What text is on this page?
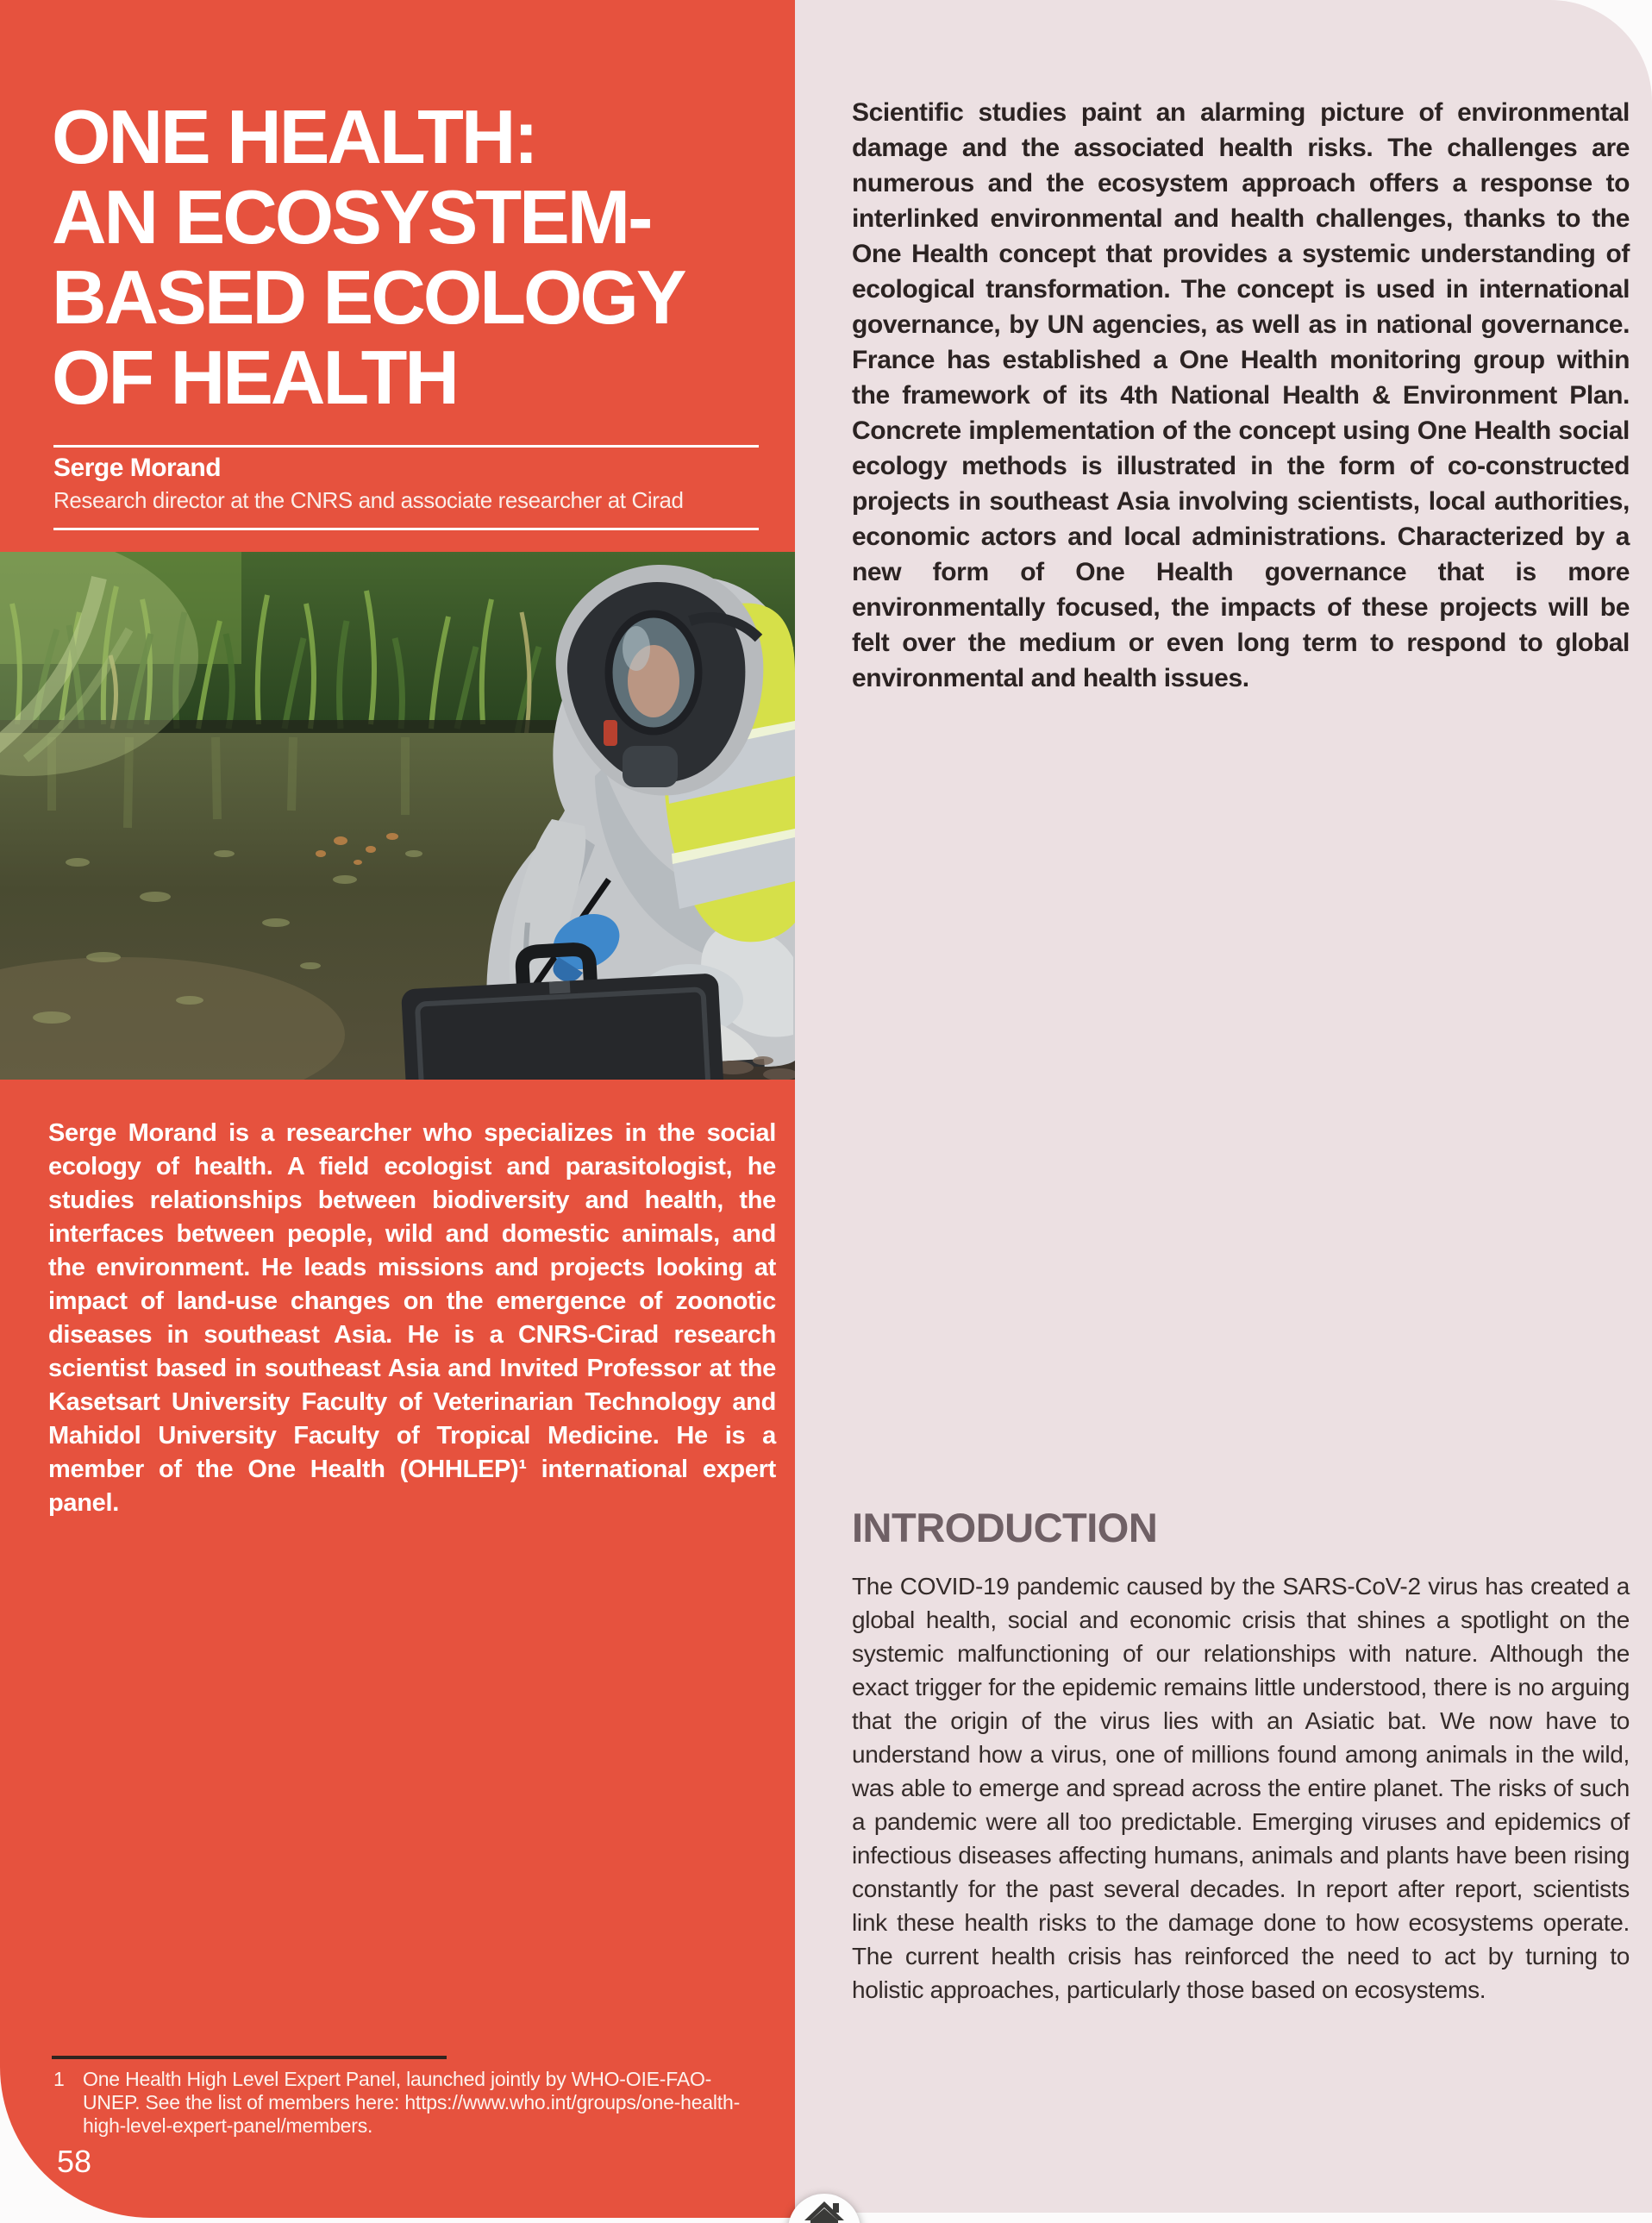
ONE HEALTH:
AN ECOSYSTEM-
BASED ECOLOGY
OF HEALTH
Serge Morand
Research director at the CNRS and associate researcher at Cirad

Serge Morand is a researcher who specializes in the social ecology of health. A field ecologist and parasitologist, he studies relationships between biodiversity and health, the interfaces between people, wild and domestic animals, and the environment. He leads missions and projects looking at impact of land-use changes on the emergence of zoonotic diseases in southeast Asia. He is a CNRS-Cirad research scientist based in southeast Asia and Invited Professor at the Kasetsart University Faculty of Veterinarian Technology and Mahidol University Faculty of Tropical Medicine. He is a member of the One Health (OHHLEP)¹ international expert panel.

1 One Health High Level Expert Panel, launched jointly by WHO-OIE-FAO-UNEP. See the list of members here: https://www.who.int/groups/one-health-high-level-expert-panel/members.
58

Scientific studies paint an alarming picture of environmental damage and the associated health risks. The challenges are numerous and the ecosystem approach offers a response to interlinked environmental and health challenges, thanks to the One Health concept that provides a systemic understanding of ecological transformation. The concept is used in international governance, by UN agencies, as well as in national governance. France has established a One Health monitoring group within the framework of its 4th National Health & Environment Plan. Concrete implementation of the concept using One Health social ecology methods is illustrated in the form of co-constructed projects in southeast Asia involving scientists, local authorities, economic actors and local administrations. Characterized by a new form of One Health governance that is more environmentally focused, the impacts of these projects will be felt over the medium or even long term to respond to global environmental and health issues.

INTRODUCTION

The COVID-19 pandemic caused by the SARS-CoV-2 virus has created a global health, social and economic crisis that shines a spotlight on the systemic malfunctioning of our relationships with nature. Although the exact trigger for the epidemic remains little understood, there is no arguing that the origin of the virus lies with an Asiatic bat. We now have to understand how a virus, one of millions found among animals in the wild, was able to emerge and spread across the entire planet. The risks of such a pandemic were all too predictable. Emerging viruses and epidemics of infectious diseases affecting humans, animals and plants have been rising constantly for the past several decades. In report after report, scientists link these health risks to the damage done to how ecosystems operate. The current health crisis has reinforced the need to act by turning to holistic approaches, particularly those based on ecosystems.
